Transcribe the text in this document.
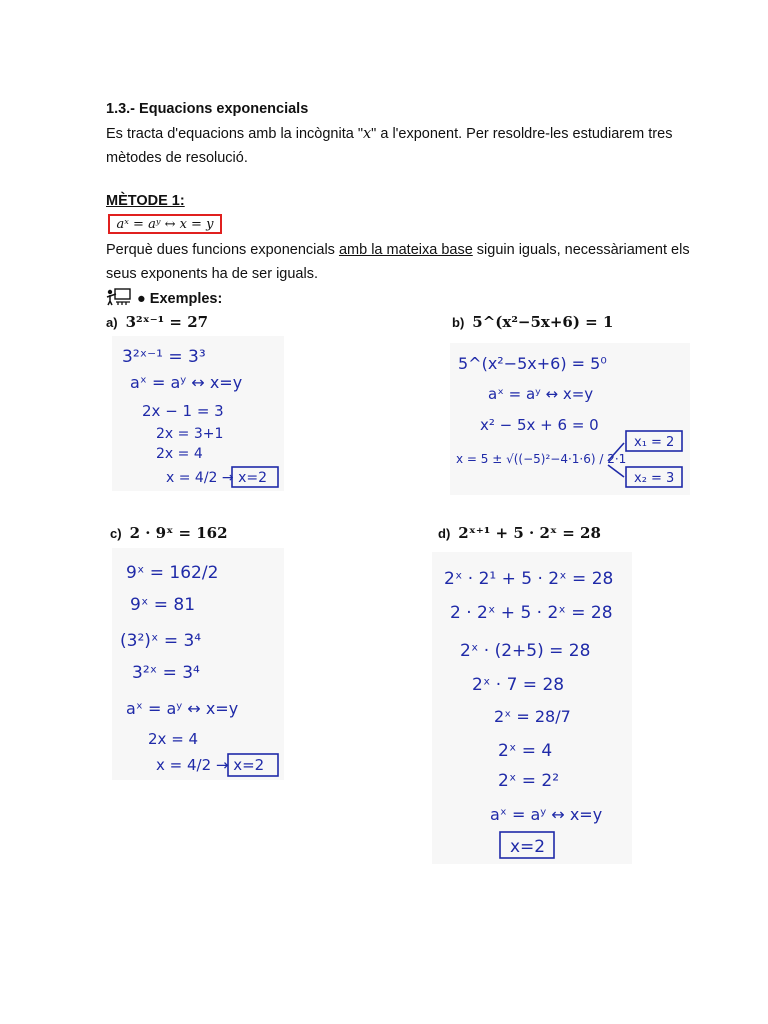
1.3.- Equacions exponencials
Es tracta d'equacions amb la incògnita "x" a l'exponent. Per resoldre-les estudiarem tres mètodes de resolució.
MÈTODE 1:
aˣ = aʸ ↔ x = y
Perquè dues funcions exponencials amb la mateixa base siguin iguals, necessàriament els seus exponents ha de ser iguals.
● Exemples:
a) 3²ˣ⁻¹ = 27
3²ˣ⁻¹ = 3³
aˣ = aʸ ↔ x=y
2x − 1 = 3
2x = 3+1
2x = 4
x = 4/2 → x=2
b) 5^(x²−5x+6) = 1
5^(x²−5x+6) = 5⁰
aˣ = aʸ ↔ x=y
x² − 5x + 6 = 0
x = 5 ± √((−5)²−4·1·6) / 2·1
x₁ = 2
x₂ = 3
c) 2 · 9ˣ = 162
9ˣ = 162/2
9ˣ = 81
(3²)ˣ = 3⁴
3²ˣ = 3⁴
aˣ = aʸ ↔ x=y
2x = 4
x = 4/2 → x=2
d) 2ˣ⁺¹ + 5 · 2ˣ = 28
2ˣ · 2¹ + 5 · 2ˣ = 28
2 · 2ˣ + 5 · 2ˣ = 28
2ˣ · (2+5) = 28
2ˣ · 7 = 28
2ˣ = 28/7
2ˣ = 4
2ˣ = 2²
aˣ = aʸ ↔ x=y
x=2
